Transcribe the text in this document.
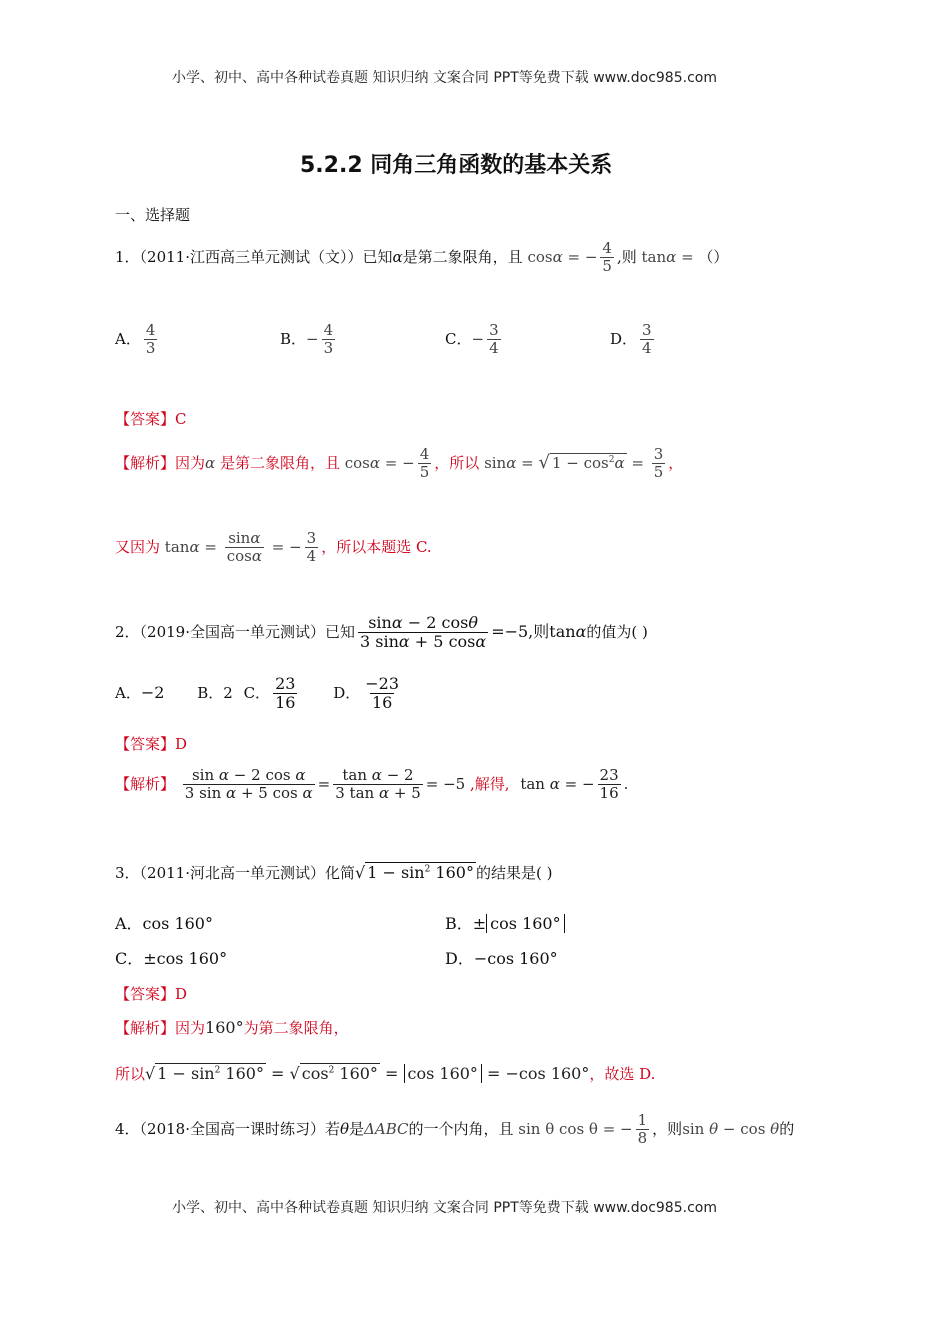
小学、初中、高中各种试卷真题 知识归纳 文案合同 PPT等免费下载 www.doc985.com
5.2.2 同角三角函数的基本关系
一、选择题
1．（2011·江西高三单元测试（文））已知α是第二象限角，且 cosα = − $\frac{4}{5}$ ,则 tanα = （）
A． $\frac{4}{3}$	B．− $\frac{4}{3}$	C．− $\frac{3}{4}$	D． $\frac{3}{4}$
【答案】C
【解析】因为α 是第二象限角，且 cosα = − $\frac{4}{5}$ ，所以 sinα = √ $1 - \cos^2\alpha = \frac{3}{5}$ ，
又因为 $\tan\alpha = \frac{\sin\alpha}{\cos\alpha}$ = − $\frac{3}{4}$ ，所以本题选 C.
2．（2019·全国高一单元测试）已知 $\frac{\sin\alpha - 2 \cos\theta}{3 \sin\alpha + 5 \cos\alpha} =-5$,则tanα的值为( )
A．−2 B．2 C． $\frac{23}{16}$ D． $\frac{-23}{16}$
【答案】D
【解析】 $\frac{\text{sin α − 2 cos α}}{\text{3 sin α + 5 cos α}} = \frac{\text{tan α − 2}}{\text{3 tan α + 5}} = -5$ ,解得, tan α = − $\frac{23}{16}$ .
3．（2011·河北高一单元测试）化简√ $1 - \sin^2 160^\circ$ 的结果是( )
A．cos 160°	B．± cos 160°
C．±cos 160°	D．−cos 160°
【答案】D
【解析】因为160°为第二象限角，
所以√ $1 - \sin^2 160^\circ$ = √ $\cos^2 160^\circ = \cos 160^\circ = -\cos$ 160°，故选 D.
4．（2018·全国高一课时练习）若θ是ΔABC的一个内角，且 sin θ cos θ = − $\frac{1}{8}$ ，则sin θ − cos θ的
小学、初中、高中各种试卷真题 知识归纳 文案合同 PPT等免费下载 www.doc985.com
